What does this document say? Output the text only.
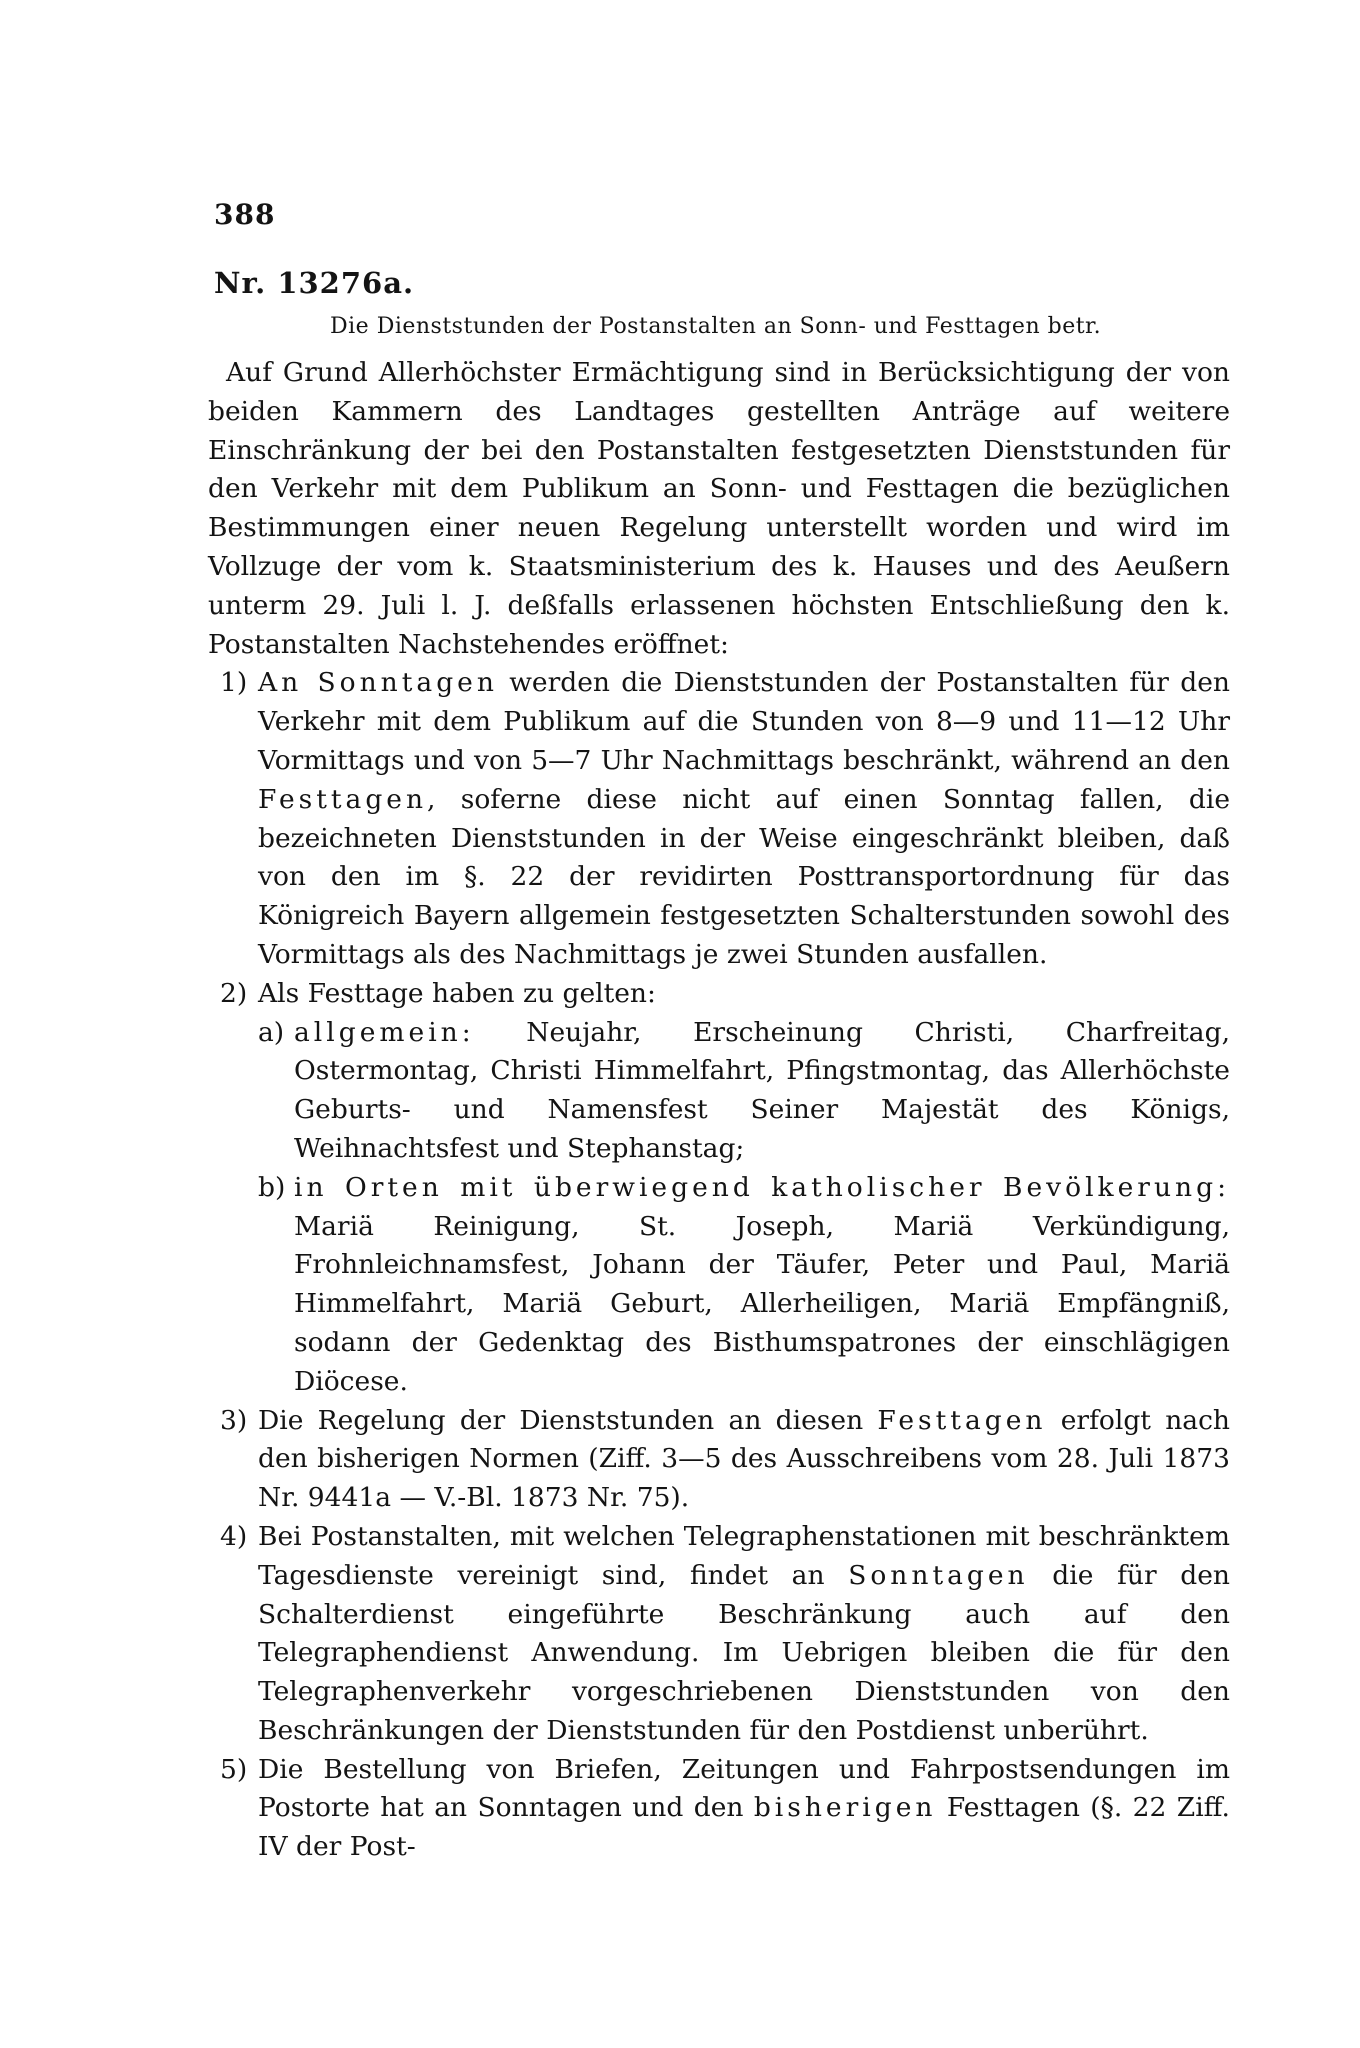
388
Nr. 13276a.
Die Dienststunden der Postanstalten an Sonn- und Festtagen betr.

Auf Grund Allerhöchster Ermächtigung sind in Berücksichtigung der von beiden Kammern des Landtages gestellten Anträge auf weitere Einschränkung der bei den Postanstalten festgesetzten Dienststunden für den Verkehr mit dem Publikum an Sonn- und Festtagen die bezüglichen Bestimmungen einer neuen Regelung unterstellt worden und wird im Vollzuge der vom k. Staatsministerium des k. Hauses und des Aeußern unterm 29. Juli l. J. deßfalls erlassenen höchsten Entschließung den k. Postanstalten Nachstehendes eröffnet:

1) An Sonntagen werden die Dienststunden der Postanstalten für den Verkehr mit dem Publikum auf die Stunden von 8—9 und 11—12 Uhr Vormittags und von 5—7 Uhr Nachmittags beschränkt, während an den Festtagen, soferne diese nicht auf einen Sonntag fallen, die bezeichneten Dienststunden in der Weise eingeschränkt bleiben, daß von den im §. 22 der revidirten Posttransportordnung für das Königreich Bayern allgemein festgesetzten Schalterstunden sowohl des Vormittags als des Nachmittags je zwei Stunden ausfallen.

2) Als Festtage haben zu gelten:

a) allgemein: Neujahr, Erscheinung Christi, Charfreitag, Ostermontag, Christi Himmelfahrt, Pfingstmontag, das Allerhöchste Geburts- und Namensfest Seiner Majestät des Königs, Weihnachtsfest und Stephanstag;

b) in Orten mit überwiegend katholischer Bevölkerung: Mariä Reinigung, St. Joseph, Mariä Verkündigung, Frohnleichnamsfest, Johann der Täufer, Peter und Paul, Mariä Himmelfahrt, Mariä Geburt, Allerheiligen, Mariä Empfängniß, sodann der Gedenktag des Bisthumspatrones der einschlägigen Diöcese.

3) Die Regelung der Dienststunden an diesen Festtagen erfolgt nach den bisherigen Normen (Ziff. 3—5 des Ausschreibens vom 28. Juli 1873 Nr. 9441a — V.-Bl. 1873 Nr. 75).

4) Bei Postanstalten, mit welchen Telegraphenstationen mit beschränktem Tagesdienste vereinigt sind, findet an Sonntagen die für den Schalterdienst eingeführte Beschränkung auch auf den Telegraphendienst Anwendung. Im Uebrigen bleiben die für den Telegraphenverkehr vorgeschriebenen Dienststunden von den Beschränkungen der Dienststunden für den Postdienst unberührt.

5) Die Bestellung von Briefen, Zeitungen und Fahrpostsendungen im Postorte hat an Sonntagen und den bisherigen Festtagen (§. 22 Ziff. IV der Post-
